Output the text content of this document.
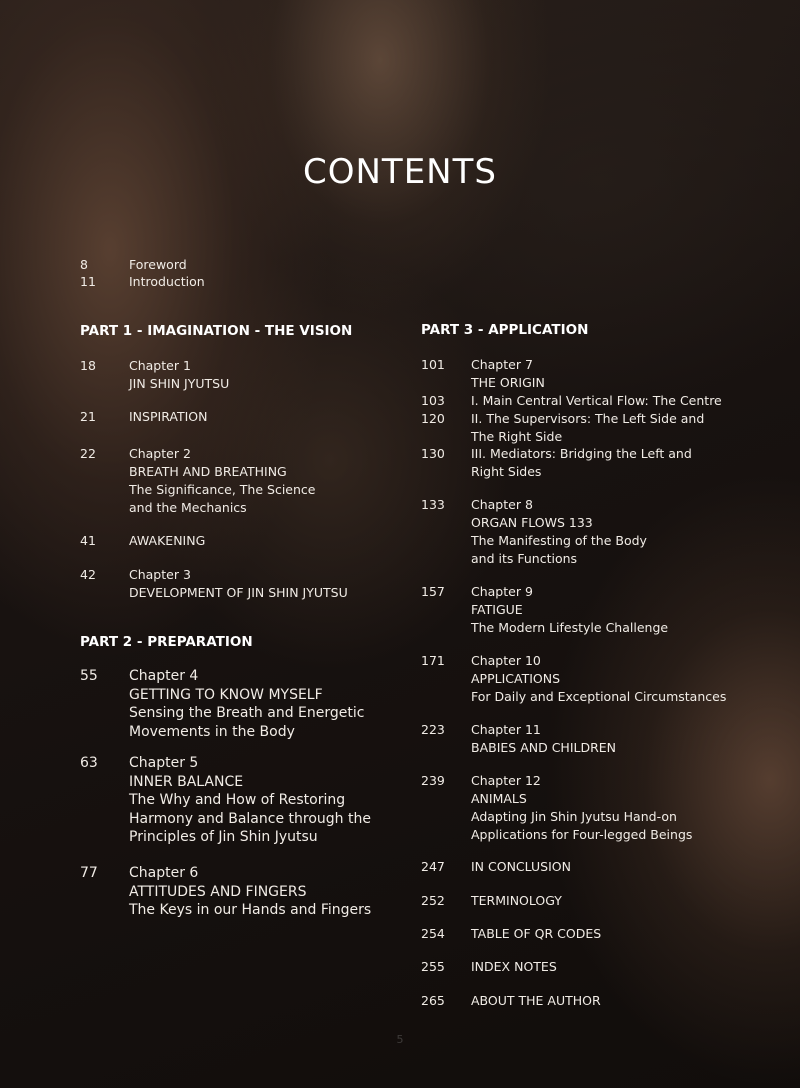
CONTENTS
PART 1 - IMAGINATION - THE VISION
PART 2 - PREPARATION
PART 3 - APPLICATION
8	Foreword
11	Introduction
18	Chapter 1
JIN SHIN JYUTSU
21	INSPIRATION
22	Chapter 2
BREATH AND BREATHING
The Significance, The Science
and the Mechanics
41	AWAKENING
42	Chapter 3
DEVELOPMENT OF JIN SHIN JYUTSU
55 Chapter 4
GETTING TO KNOW MYSELF
Sensing the Breath and Energetic
Movements in the Body
63 Chapter 5
INNER BALANCE
The Why and How of Restoring
Harmony and Balance through the
Principles of Jin Shin Jyutsu
77 Chapter 6
ATTITUDES AND FINGERS
The Keys in our Hands and Fingers
101 Chapter 7
THE ORIGIN
103 I. Main Central Vertical Flow: The Centre
120 II. The Supervisors: The Left Side and
The Right Side
130 III. Mediators: Bridging the Left and
Right Sides
133 Chapter 8
ORGAN FLOWS 133
The Manifesting of the Body
and its Functions
157 Chapter 9
FATIGUE
The Modern Lifestyle Challenge
171 Chapter 10
APPLICATIONS
For Daily and Exceptional Circumstances
223 Chapter 11
BABIES AND CHILDREN
239 Chapter 12
ANIMALS
Adapting Jin Shin Jyutsu Hand-on
Applications for Four-legged Beings
247 IN CONCLUSION
252 TERMINOLOGY
254 TABLE OF QR CODES
255 INDEX NOTES
265 ABOUT THE AUTHOR
5
